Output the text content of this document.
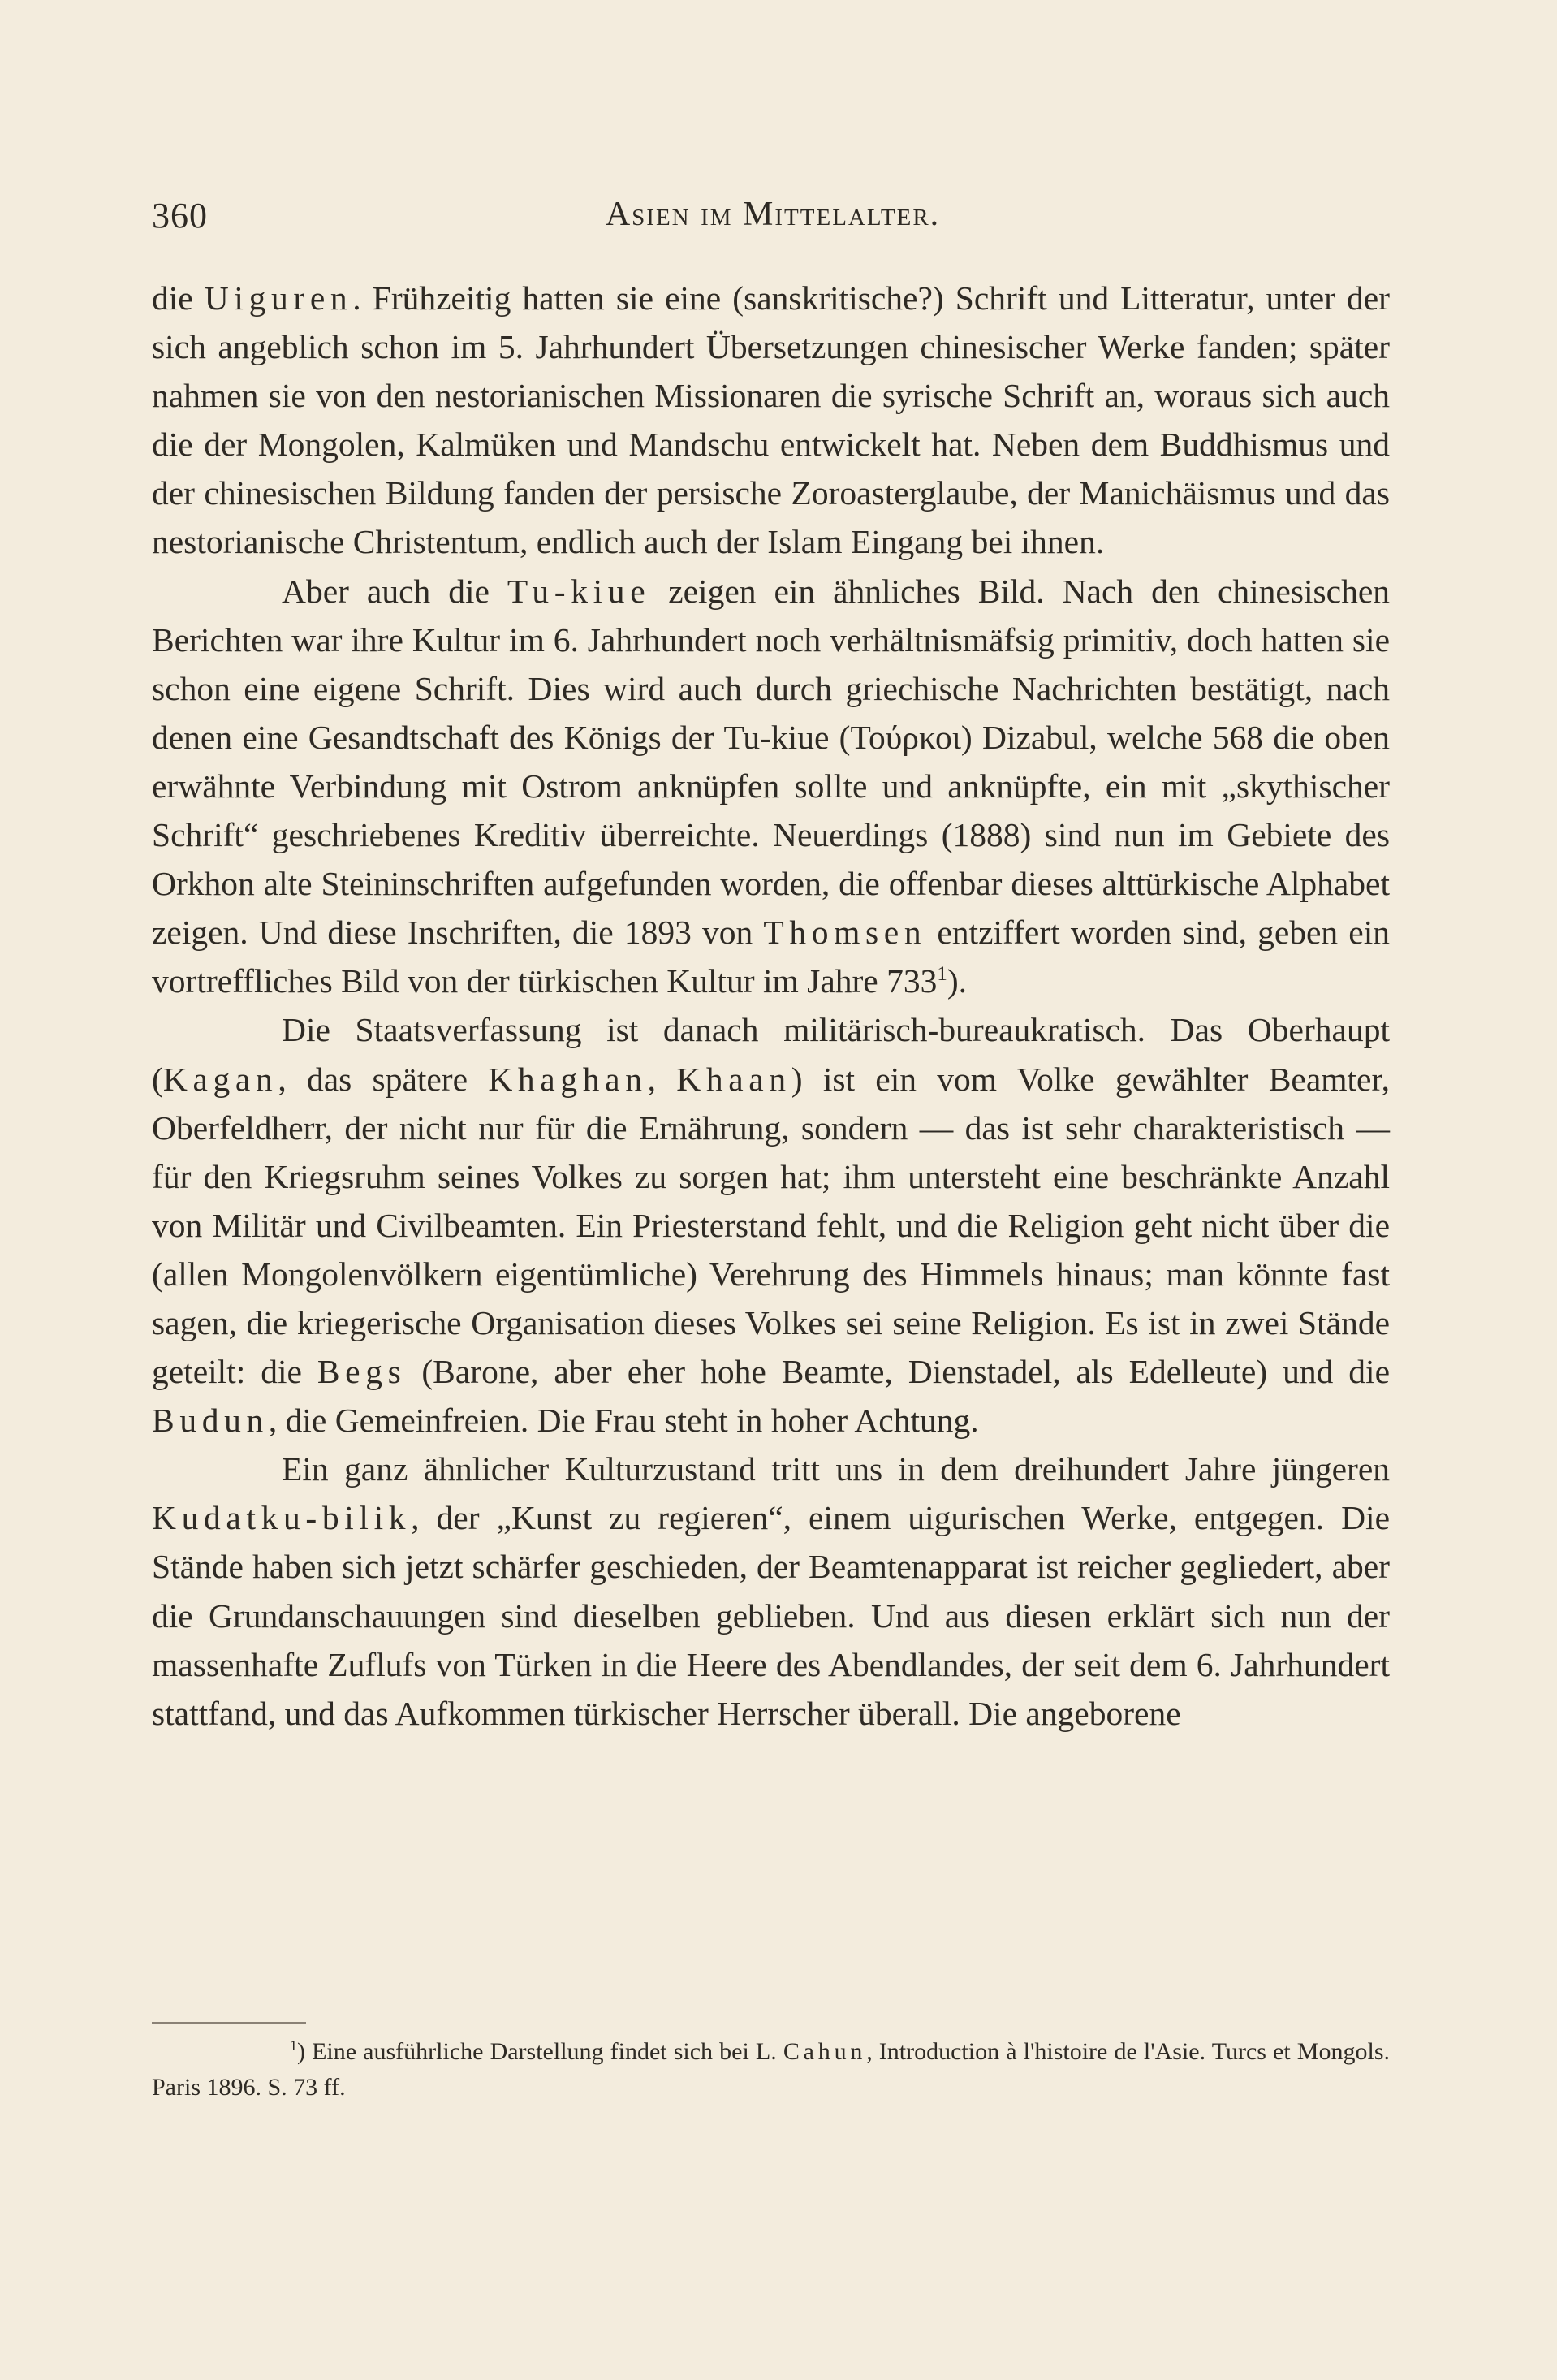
360	Asien im Mittelalter.

die Uiguren. Frühzeitig hatten sie eine (sanskritische?) Schrift und Litteratur, unter der sich angeblich schon im 5. Jahrhundert Übersetzungen chinesischer Werke fanden; später nahmen sie von den nestorianischen Missionaren die syrische Schrift an, woraus sich auch die der Mongolen, Kalmüken und Mandschu entwickelt hat. Neben dem Buddhismus und der chinesischen Bildung fanden der persische Zoroasterglaube, der Manichäismus und das nestorianische Christentum, endlich auch der Islam Eingang bei ihnen.

Aber auch die Tu-kiue zeigen ein ähnliches Bild. Nach den chinesischen Berichten war ihre Kultur im 6. Jahrhundert noch verhältnismäfsig primitiv, doch hatten sie schon eine eigene Schrift. Dies wird auch durch griechische Nachrichten bestätigt, nach denen eine Gesandtschaft des Königs der Tu-kiue (Τούρκοι) Dizabul, welche 568 die oben erwähnte Verbindung mit Ostrom anknüpfen sollte und anknüpfte, ein mit „skythischer Schrift“ geschriebenes Kreditiv überreichte. Neuerdings (1888) sind nun im Gebiete des Orkhon alte Steininschriften aufgefunden worden, die offenbar dieses alttürkische Alphabet zeigen. Und diese Inschriften, die 1893 von Thomsen entziffert worden sind, geben ein vortreffliches Bild von der türkischen Kultur im Jahre $733^1$).

Die Staatsverfassung ist danach militärisch-bureaukratisch. Das Oberhaupt (Kagan, das spätere Khaghan, Khaan) ist ein vom Volke gewählter Beamter, Oberfeldherr, der nicht nur für die Ernährung, sondern — das ist sehr charakteristisch — für den Kriegsruhm seines Volkes zu sorgen hat; ihm untersteht eine beschränkte Anzahl von Militär und Civilbeamten. Ein Priesterstand fehlt, und die Religion geht nicht über die (allen Mongolenvölkern eigentümliche) Verehrung des Himmels hinaus; man könnte fast sagen, die kriegerische Organisation dieses Volkes sei seine Religion. Es ist in zwei Stände geteilt: die Begs (Barone, aber eher hohe Beamte, Dienstadel, als Edelleute) und die Budun, die Gemeinfreien. Die Frau steht in hoher Achtung.

Ein ganz ähnlicher Kulturzustand tritt uns in dem dreihundert Jahre jüngeren Kudatku-bilik, der „Kunst zu regieren“, einem uigurischen Werke, entgegen. Die Stände haben sich jetzt schärfer geschieden, der Beamtenapparat ist reicher gegliedert, aber die Grundanschauungen sind dieselben geblieben. Und aus diesen erklärt sich nun der massenhafte Zuflufs von Türken in die Heere des Abendlandes, der seit dem 6. Jahrhundert stattfand, und das Aufkommen türkischer Herrscher überall. Die angeborene

$^1$) Eine ausführliche Darstellung findet sich bei L. Cahun, Introduction à l'histoire de l'Asie. Turcs et Mongols. Paris 1896. S. 73 ff.
